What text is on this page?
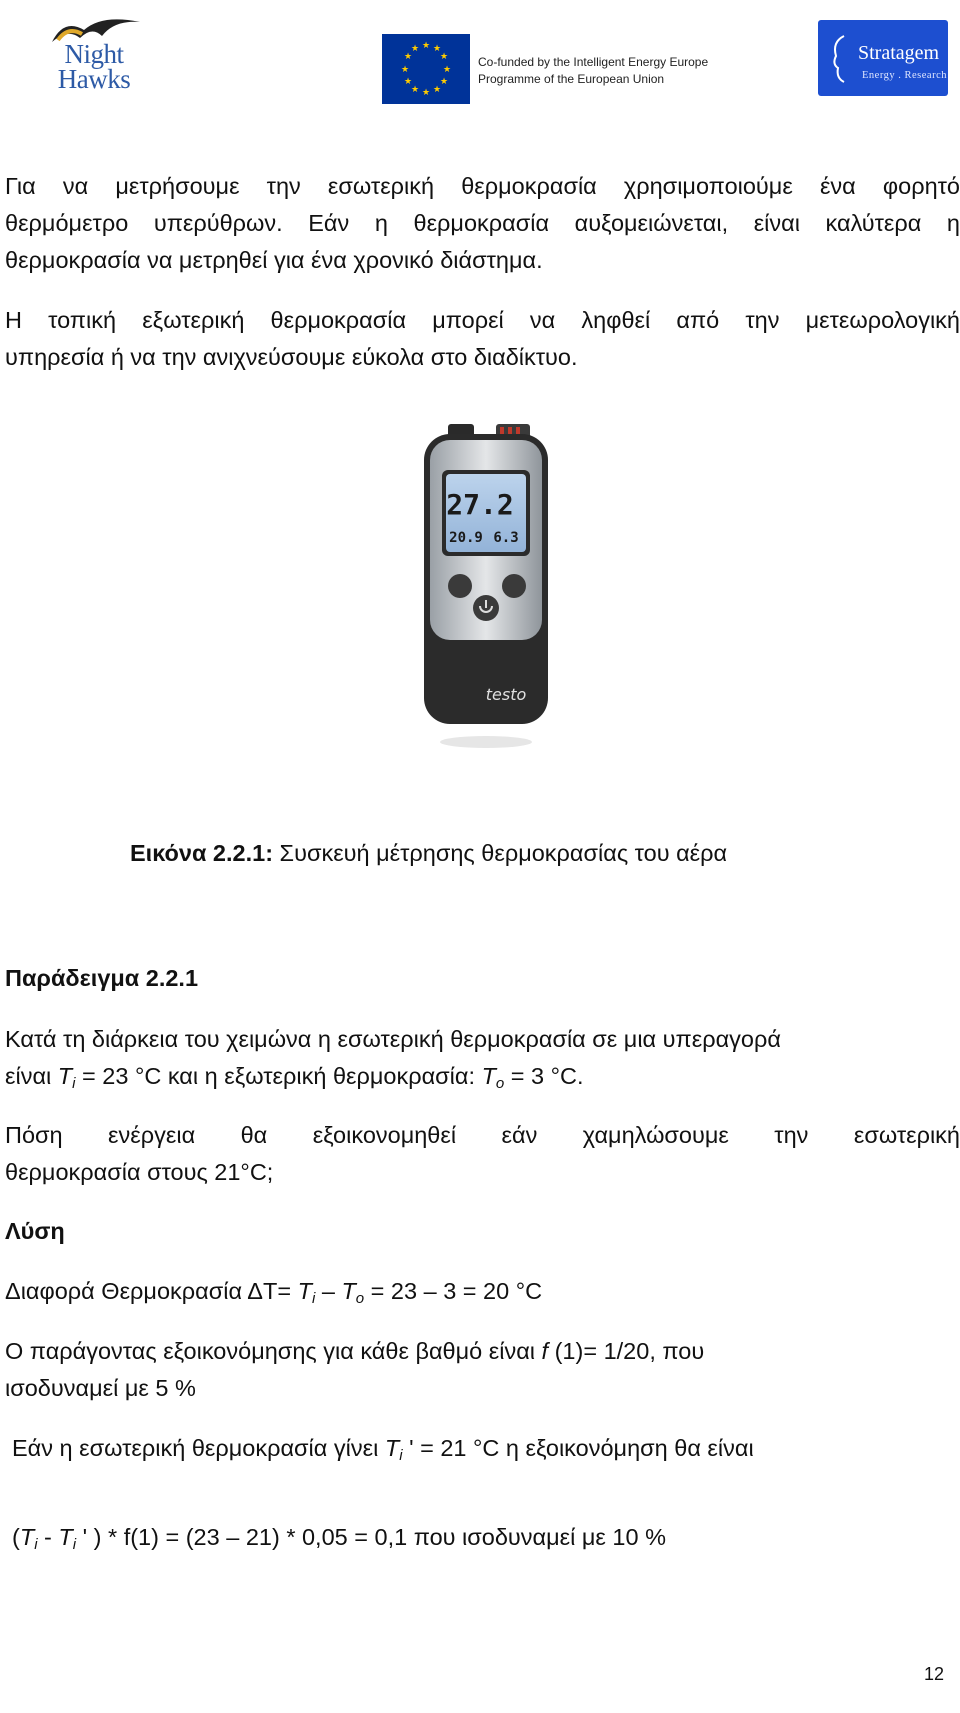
Night
Hawks
★ ★
★
★
★
★
★
★
★
★
★
★
Co-funded by the Intelligent Energy Europe
Programme of the European Union
Stratagem
Energy . Research

Για να μετρήσουμε την εσωτερική θερμοκρασία χρησιμοποιούμε ένα φορητό

θερμόμετρο υπερύθρων. Εάν η θερμοκρασία αυξομειώνεται, είναι καλύτερα η

θερμοκρασία να μετρηθεί για ένα χρονικό διάστημα.

Η τοπική εξωτερική θερμοκρασία μπορεί να ληφθεί από την μετεωρολογική

υπηρεσία ή να την ανιχνεύσουμε εύκολα στο διαδίκτυο.

27.2
20.9 6.3
testo
Εικόνα 2.2.1: Συσκευή μέτρησης θερμοκρασίας του αέρα

Παράδειγμα 2.2.1

Κατά τη διάρκεια του χειμώνα η εσωτερική θερμοκρασία σε μια υπεραγορά

είναι $T_i = 23$ °C και η εξωτερική θερμοκρασία: $T_o = 3$ °C.

Πόση ενέργεια θα εξοικονομηθεί εάν χαμηλώσουμε την εσωτερική

θερμοκρασία στους 21°C;

Λύση

Διαφορά Θερμοκρασία $\Delta T= T_i - T_o = 23 - 3 = 20$ °C

Ο παράγοντας εξοικονόμησης για κάθε βαθμό είναι f (1)= 1/20, που

ισοδυναμεί με 5 %

Εάν η εσωτερική θερμοκρασία γίνει $T_i$ ' = 21 °C η εξοικονόμηση θα είναι

($T_i - T_i$ ' ) * f(1) = (23 – 21) * 0,05 = 0,1 που ισοδυναμεί με 10 %

12
